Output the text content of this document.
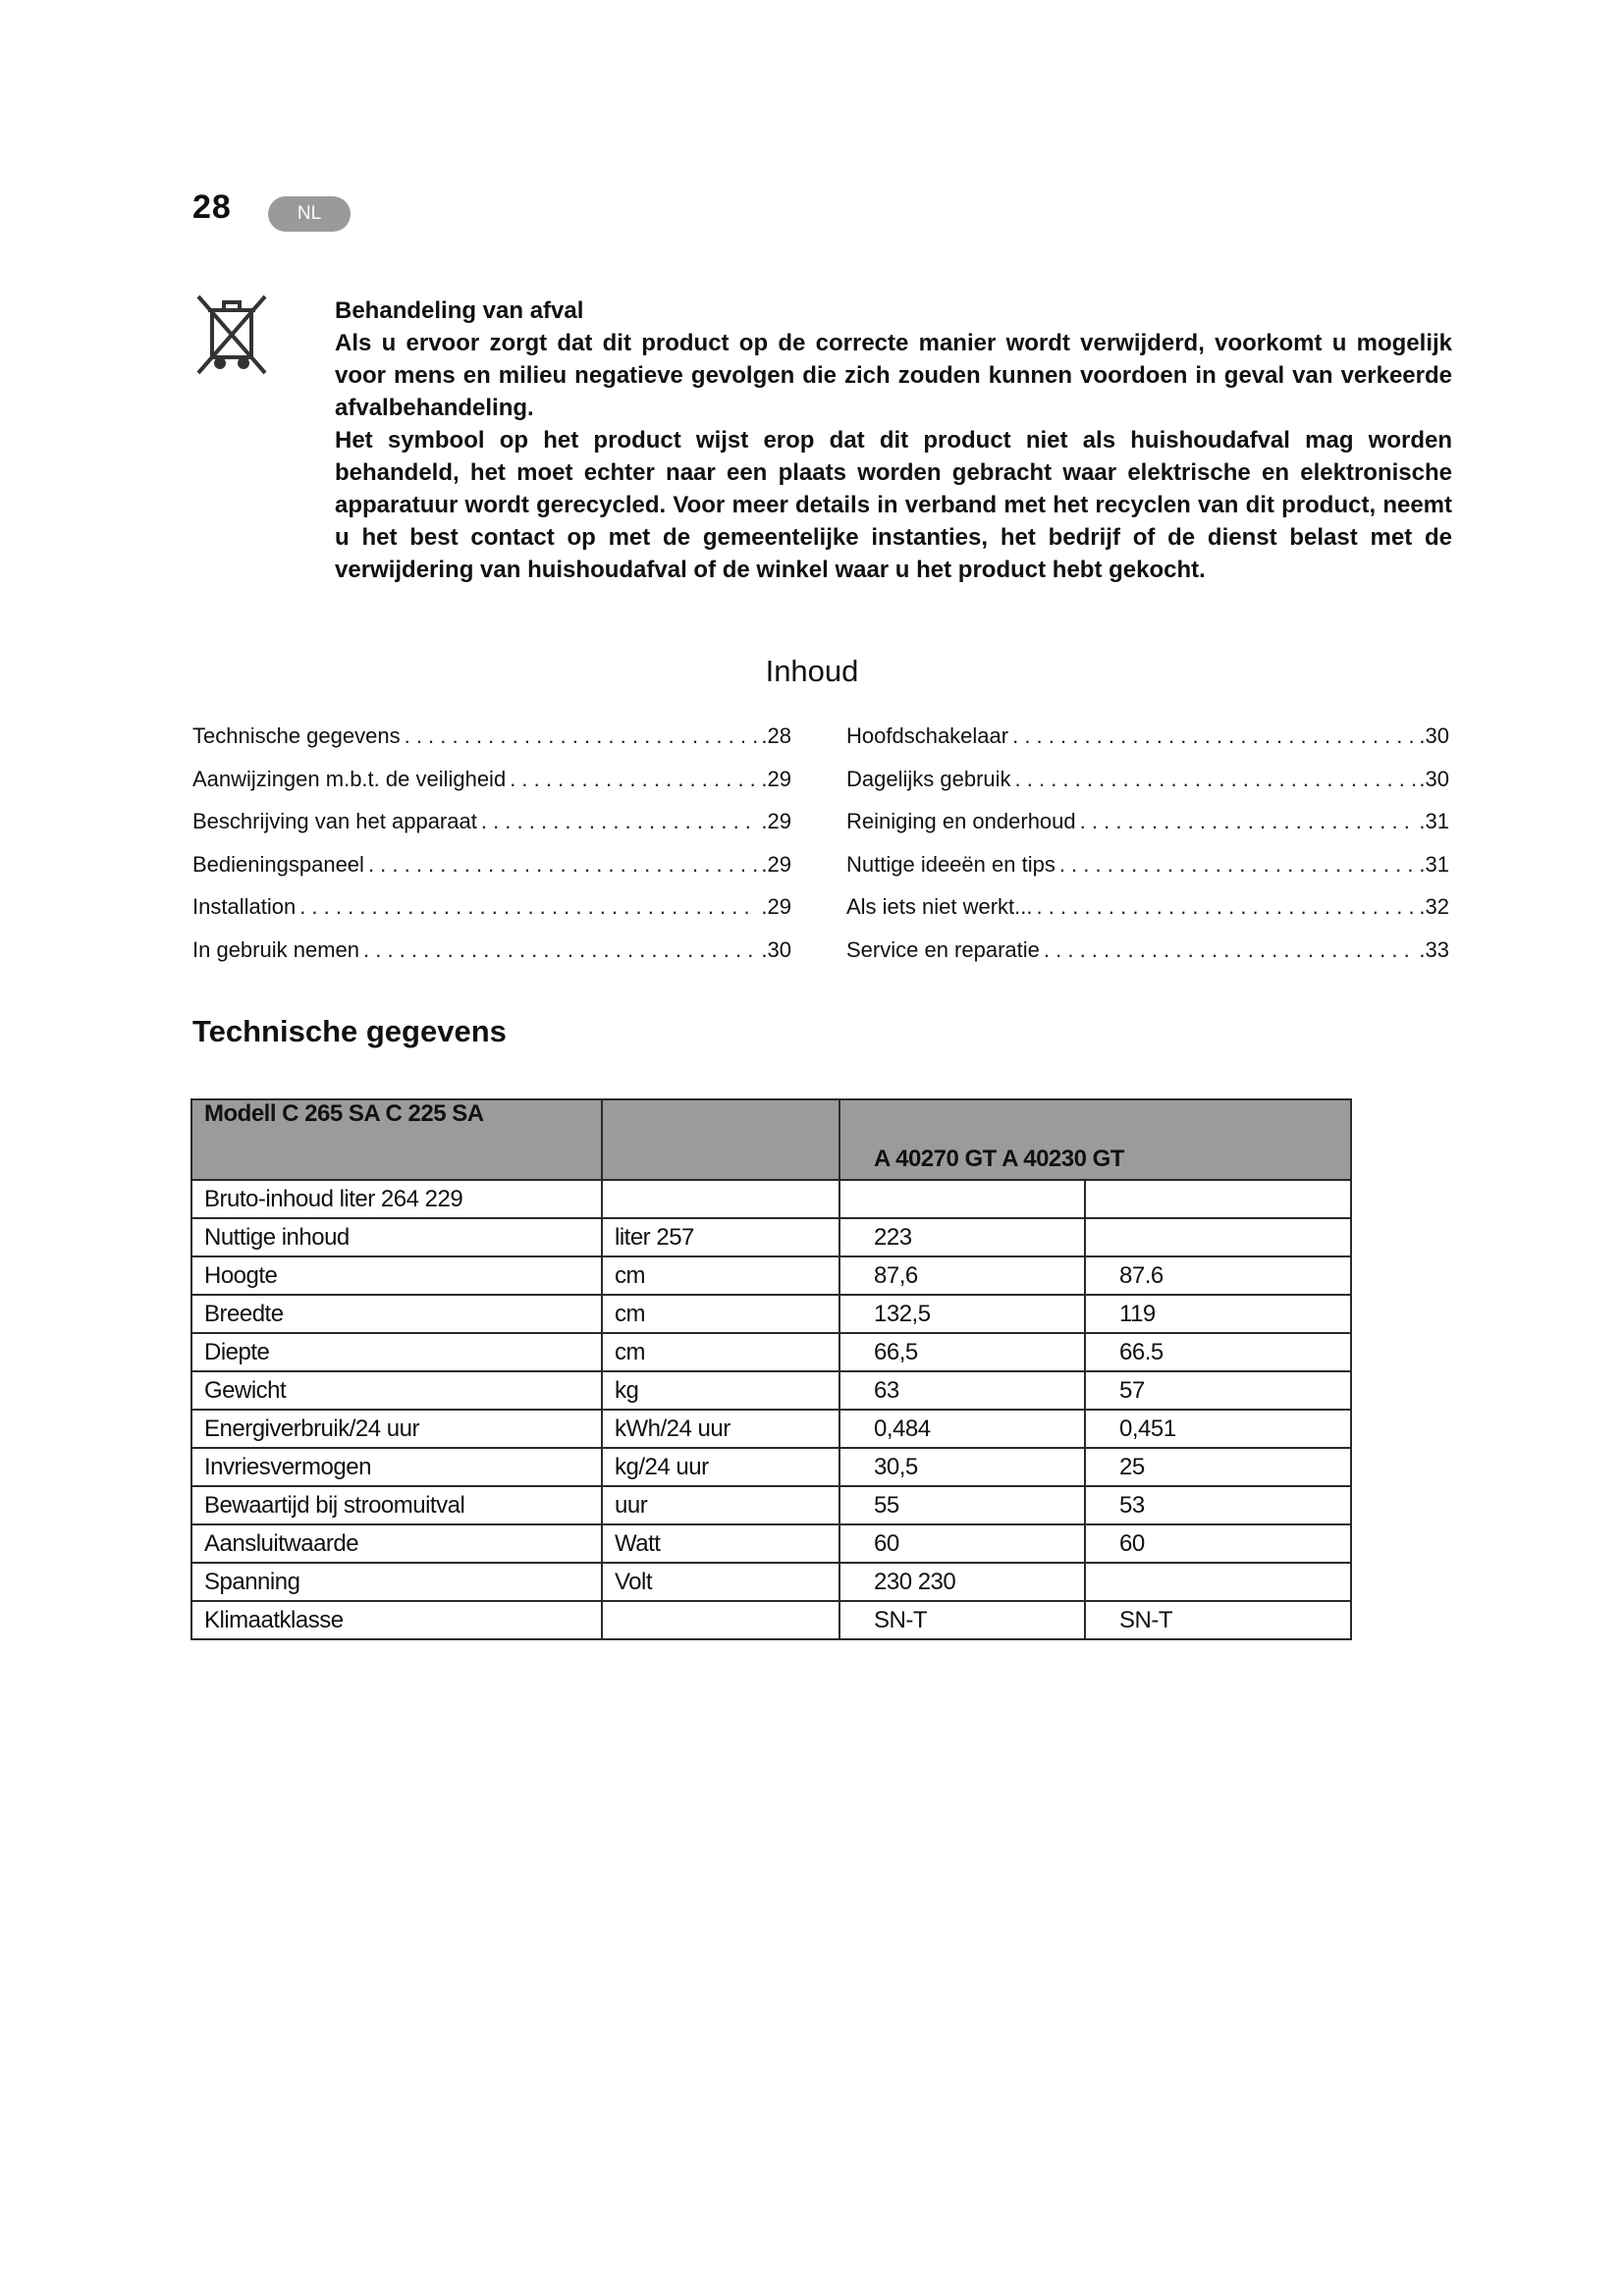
28	NL

Behandeling van afval

Als u ervoor zorgt dat dit product op de correcte manier wordt verwijderd, voorkomt u mogelijk voor mens en milieu negatieve gevolgen die zich zouden kunnen voordoen in geval van verkeerde afvalbehandeling.

Het symbool op het product wijst erop dat dit product niet als huishoudafval mag worden behandeld, het moet echter naar een plaats worden gebracht waar elektrische en elektronische apparatuur wordt gerecycled. Voor meer details in verband met het recyclen van dit product, neemt u het best contact op met de gemeentelijke instanties, het bedrijf of de dienst belast met de verwijdering van huishoudafval of de winkel waar u het product hebt gekocht.

Inhoud
Technische gegevens . . .	.28
Aanwijzingen m.b.t. de veiligheid . . .	.29
Beschrijving van het apparaat . . .	.29
Bedieningspaneel . . .	.29
Installation . . .	.29
In gebruik nemen . . .	.30
Hoofdschakelaar . . .	.30
Dagelijks gebruik . . .	.30
Reiniging en onderhoud . . .	.31
Nuttige ideeën en tips . . .	.31
Als iets niet werkt... . . .	.32
Service en reparatie . . .	.33
Technische gegevens
Modell C 265 SA C 225 SA		A 40270 GT A 40230 GT	
Bruto-inhoud liter 264 229			
Nuttige inhoud	liter 257	223	
Hoogte	cm	87,6	87.6
Breedte	cm	132,5	119
Diepte	cm	66,5	66.5
Gewicht	kg	63	57
Energiverbruik/24 uur	kWh/24 uur	0,484	0,451
Invriesvermogen	kg/24 uur	30,5	25
Bewaartijd bij stroomuitval	uur	55	53
Aansluitwaarde	Watt	60	60
Spanning	Volt	230 230	
Klimaatklasse		SN-T	SN-T
